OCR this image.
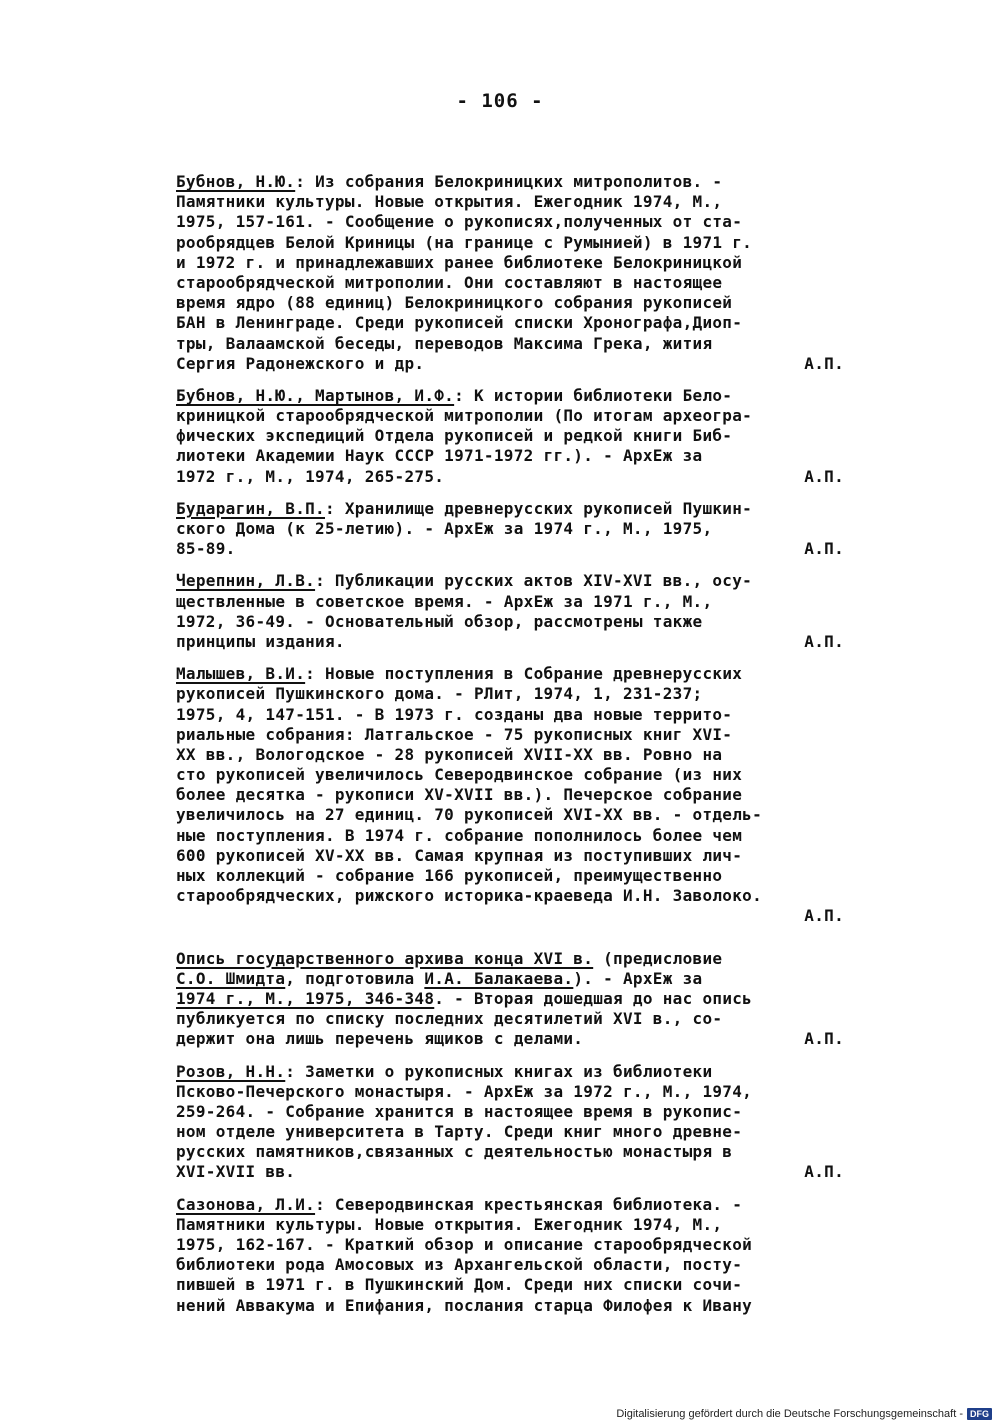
- 106 -
Бубнов, Н.Ю.: Из собрания Белокриницких митрополитов. -
Памятники культуры. Новые открытия. Ежегодник 1974, М.,
1975, 157-161. - Сообщение о рукописях,полученных от ста-
рообрядцев Белой Криницы (на границе с Румынией) в 1971 г.
и 1972 г. и принадлежавших ранее библиотеке Белокриницкой
старообрядческой митрополии. Они составляют в настоящее
время ядро (88 единиц) Белокриницкого собрания рукописей
БАН в Ленинграде. Среди рукописей списки Хронографа,Диоп-
тры, Валаамской беседы, переводов Максима Грека, жития
Сергия Радонежского и др.	А.П.
Бубнов, Н.Ю., Мартынов, И.Ф.: К истории библиотеки Бело-
криницкой старообрядческой митрополии (По итогам археогра-
фических экспедиций Отдела рукописей и редкой книги Биб-
лиотеки Академии Наук СССР 1971-1972 гг.). - АрхЕж за
1972 г., М., 1974, 265-275.	А.П.
Бударагин, В.П.: Хранилище древнерусских рукописей Пушкин-
ского Дома (к 25-летию). - АрхЕж за 1974 г., М., 1975,
85-89.	А.П.
Черепнин, Л.В.: Публикации русских актов XIV-XVI вв., осу-
ществленные в советское время. - АрхЕж за 1971 г., М.,
1972, 36-49. - Основательный обзор, рассмотрены также
принципы издания.	А.П.
Малышев, В.И.: Новые поступления в Собрание древнерусских
рукописей Пушкинского дома. - РЛит, 1974, 1, 231-237;
1975, 4, 147-151. - В 1973 г. созданы два новые террито-
риальные собрания: Латгальское - 75 рукописных книг XVI-
XX вв., Вологодское - 28 рукописей XVII-XX вв. Ровно на
сто рукописей увеличилось Северодвинское собрание (из них
более десятка - рукописи XV-XVII вв.). Печерское собрание
увеличилось на 27 единиц. 70 рукописей XVI-XX вв. - отдель-
ные поступления. В 1974 г. собрание пополнилось более чем
600 рукописей XV-XX вв. Самая крупная из поступивших лич-
ных коллекций - собрание 166 рукописей, преимущественно
старообрядческих, рижского историка-краеведа И.Н. Заволоко.
А.П.
Опись государственного архива конца XVI в. (предисловие
С.О. Шмидта, подготовила И.А. Балакаева.). - АрхЕж за
1974 г., М., 1975, 346-348. - Вторая дошедшая до нас опись
публикуется по списку последних десятилетий XVI в., со-
держит она лишь перечень ящиков с делами.	А.П.
Розов, Н.Н.: Заметки о рукописных книгах из библиотеки
Псково-Печерского монастыря. - АрхЕж за 1972 г., М., 1974,
259-264. - Собрание хранится в настоящее время в рукопис-
ном отделе университета в Тарту. Среди книг много древне-
русских памятников,связанных с деятельностью монастыря в
XVI-XVII вв.	А.П.
Сазонова, Л.И.: Северодвинская крестьянская библиотека. -
Памятники культуры. Новые открытия. Ежегодник 1974, М.,
1975, 162-167. - Краткий обзор и описание старообрядческой
библиотеки рода Амосовых из Архангельской области, посту-
пившей в 1971 г. в Пушкинский Дом. Среди них списки сочи-
нений Аввакума и Епифания, послания старца Филофея к Ивану
Digitalisierung gefördert durch die Deutsche Forschungsgemeinschaft - DFG
